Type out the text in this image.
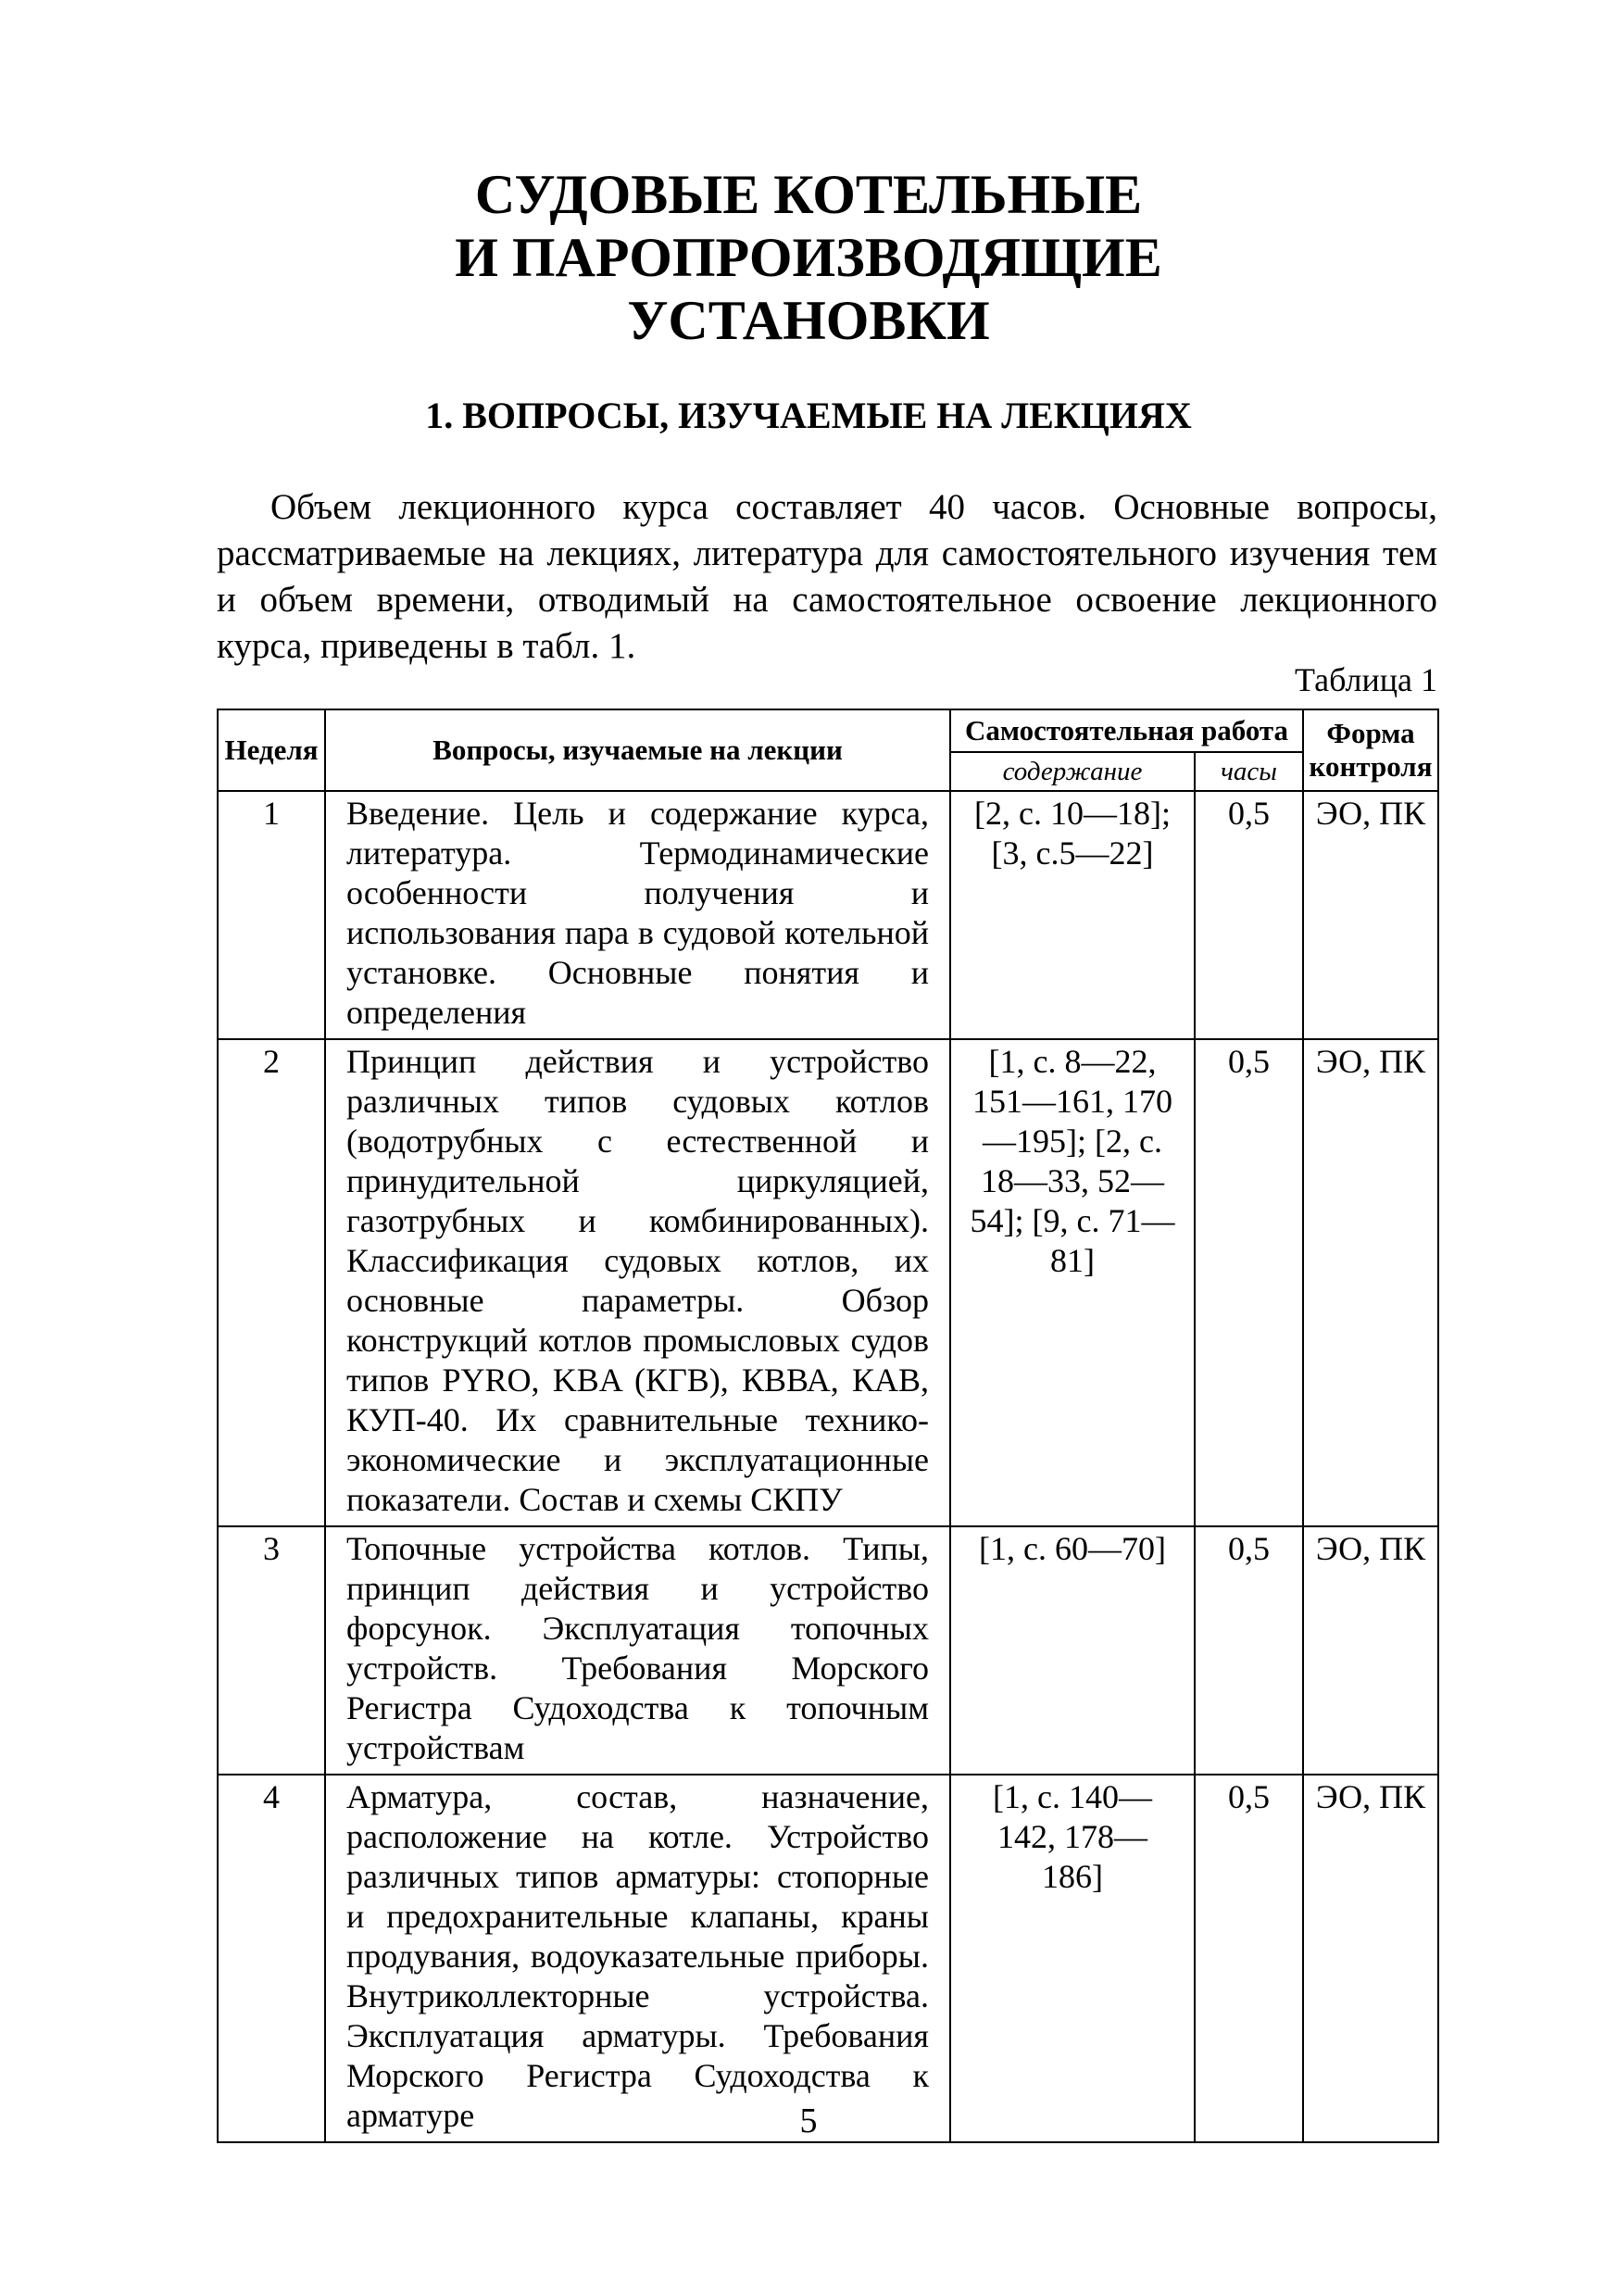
СУДОВЫЕ КОТЕЛЬНЫЕ
И ПАРОПРОИЗВОДЯЩИЕ
УСТАНОВКИ
1. ВОПРОСЫ, ИЗУЧАЕМЫЕ НА ЛЕКЦИЯХ

Объем лекционного курса составляет 40 часов. Основные вопросы, рассматриваемые на лекциях, литература для самостоятельного изучения тем и объем времени, отводимый на самостоятельное освоение лекционного курса, приведены в табл. 1.

Таблица 1

Неделя	Вопросы, изучаемые на лекции	Самостоятельная работа		Форма контроля
		содержание	часы	
1	Введение. Цель и содержание курса, литература. Термодинамические особенности получения и использования пара в судовой котельной установке. Основные понятия и определения	[2, с. 10—18]; [3, с.5—22]	0,5	ЭО, ПК
2	Принцип действия и устройство различных типов судовых котлов (водотрубных с естественной и принудительной циркуляцией, газотрубных и комбинированных). Классификация судовых котлов, их основные параметры. Обзор конструкций котлов промысловых судов типов PYRO, KBA (КГВ), КВВА, КАВ, КУП-40. Их сравнительные технико-экономические и эксплуатационные показатели. Состав и схемы СКПУ	[1, с. 8—22, 151—161, 170—195]; [2, с. 18—33, 52—54]; [9, с. 71—81]	0,5	ЭО, ПК
3	Топочные устройства котлов. Типы, принцип действия и устройство форсунок. Эксплуатация топочных устройств. Требования Морского Регистра Судоходства к топочным устройствам	[1, с. 60—70]	0,5	ЭО, ПК
4	Арматура, состав, назначение, расположение на котле. Устройство различных типов арматуры: стопорные и предохранительные клапаны, краны продувания, водоуказательные приборы. Внутриколлекторные устройства. Эксплуатация арматуры. Требования Морского Регистра Судоходства к арматуре	[1, с. 140—142, 178—186]	0,5	ЭО, ПК

5
